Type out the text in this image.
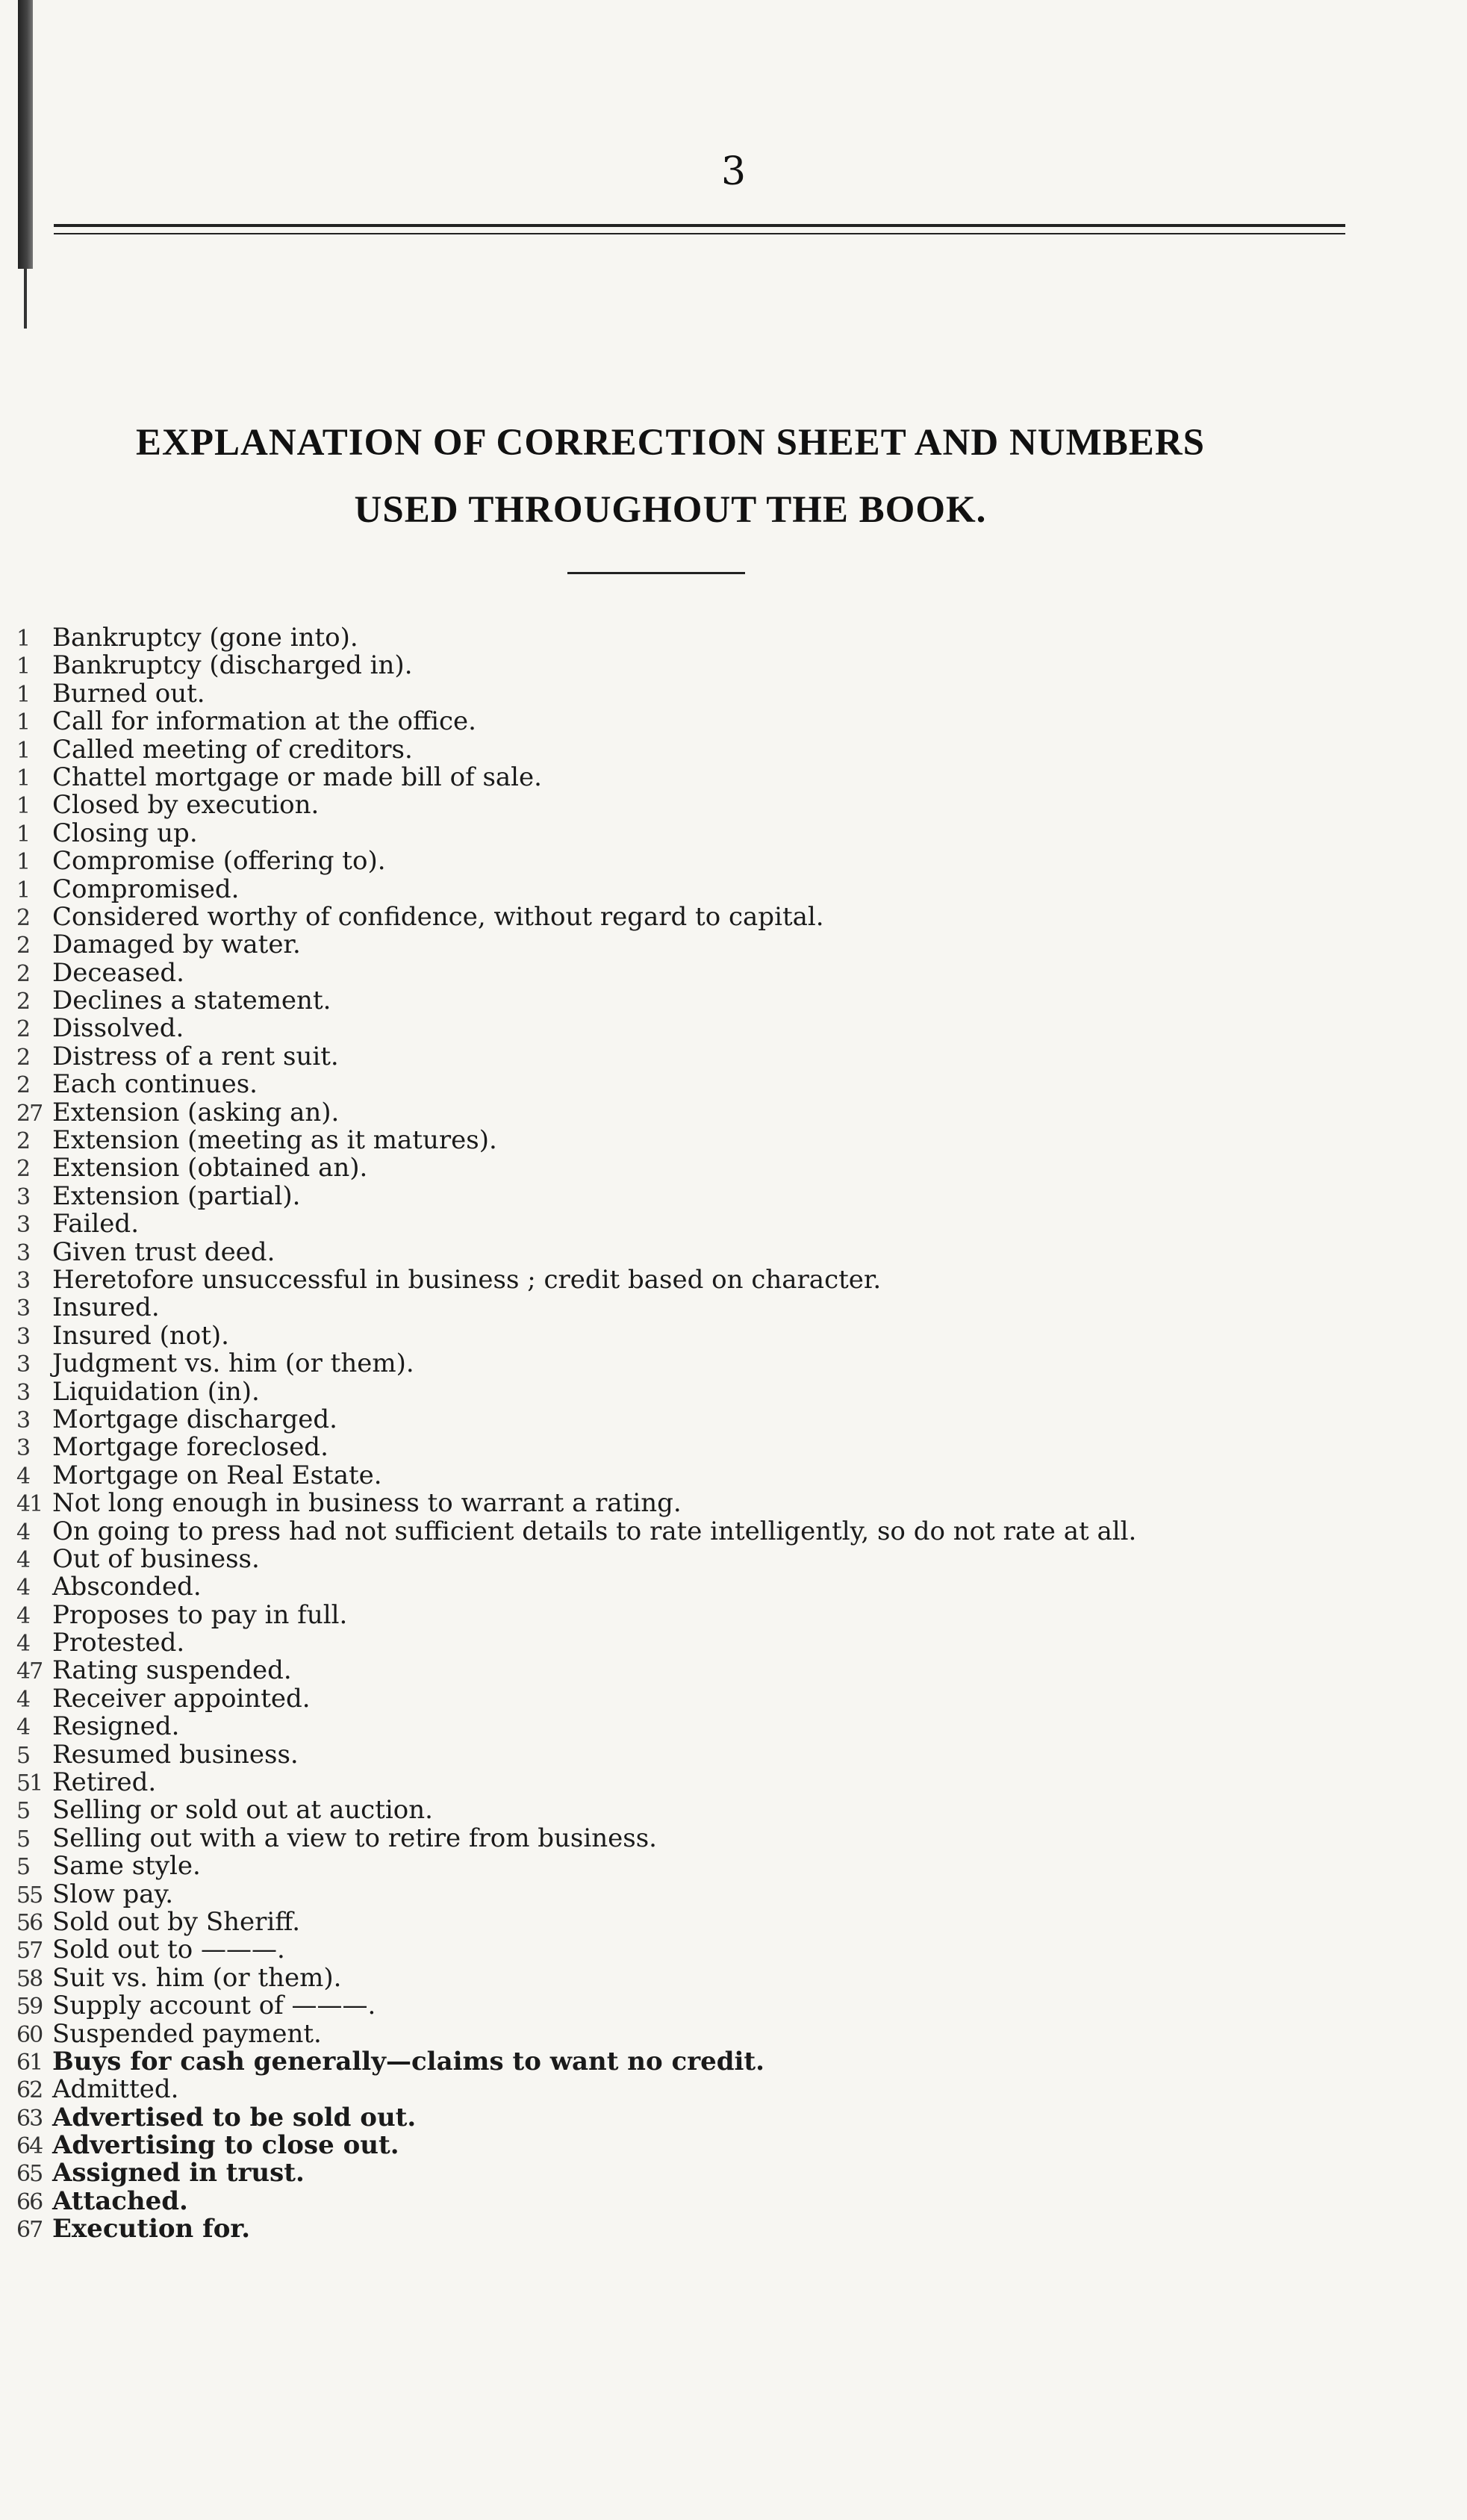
3
EXPLANATION OF CORRECTION SHEET AND NUMBERS
USED THROUGHOUT THE BOOK.
1 Bankruptcy (gone into).
1 Bankruptcy (discharged in).
1 Burned out.
1 Call for information at the office.
1 Called meeting of creditors.
1 Chattel mortgage or made bill of sale.
1 Closed by execution.
1 Closing up.
1 Compromise (offering to).
1 Compromised.
2 Considered worthy of confidence, without regard to capital.
2 Damaged by water.
2 Deceased.
2 Declines a statement.
2 Dissolved.
2 Distress of a rent suit.
2 Each continues.
27 Extension (asking an).
2 Extension (meeting as it matures).
2 Extension (obtained an).
3 Extension (partial).
3 Failed.
3 Given trust deed.
3 Heretofore unsuccessful in business ; credit based on character.
3 Insured.
3 Insured (not).
3 Judgment vs. him (or them).
3 Liquidation (in).
3 Mortgage discharged.
3 Mortgage foreclosed.
4 Mortgage on Real Estate.
41 Not long enough in business to warrant a rating.
4 On going to press had not sufficient details to rate intelligently, so do not rate at all.
4 Out of business.
4 Absconded.
4 Proposes to pay in full.
4 Protested.
47 Rating suspended.
4 Receiver appointed.
4 Resigned.
5 Resumed business.
51 Retired.
5 Selling or sold out at auction.
5 Selling out with a view to retire from business.
5 Same style.
55 Slow pay.
56 Sold out by Sheriff.
57 Sold out to ———.
58 Suit vs. him (or them).
59 Supply account of ———.
60 Suspended payment.
61 Buys for cash generally—claims to want no credit.
62 Admitted.
63 Advertised to be sold out.
64 Advertising to close out.
65 Assigned in trust.
66 Attached.
67 Execution for.
